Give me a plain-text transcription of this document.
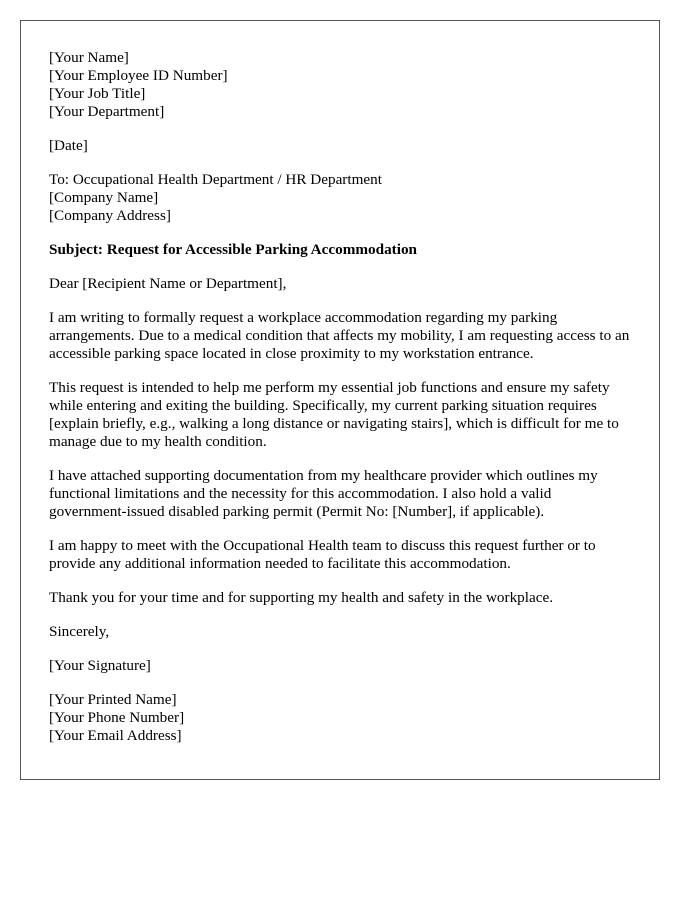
[Your Name]
[Your Employee ID Number]
[Your Job Title]
[Your Department]
[Date]
To: Occupational Health Department / HR Department
[Company Name]
[Company Address]
Subject: Request for Accessible Parking Accommodation
Dear [Recipient Name or Department],

I am writing to formally request a workplace accommodation regarding my parking arrangements. Due to a medical condition that affects my mobility, I am requesting access to an accessible parking space located in close proximity to my workstation entrance.

This request is intended to help me perform my essential job functions and ensure my safety while entering and exiting the building. Specifically, my current parking situation requires [explain briefly, e.g., walking a long distance or navigating stairs], which is difficult for me to manage due to my health condition.

I have attached supporting documentation from my healthcare provider which outlines my functional limitations and the necessity for this accommodation. I also hold a valid government-issued disabled parking permit (Permit No: [Number], if applicable).

I am happy to meet with the Occupational Health team to discuss this request further or to provide any additional information needed to facilitate this accommodation.

Thank you for your time and for supporting my health and safety in the workplace.

Sincerely,
[Your Signature]
[Your Printed Name]
[Your Phone Number]
[Your Email Address]
